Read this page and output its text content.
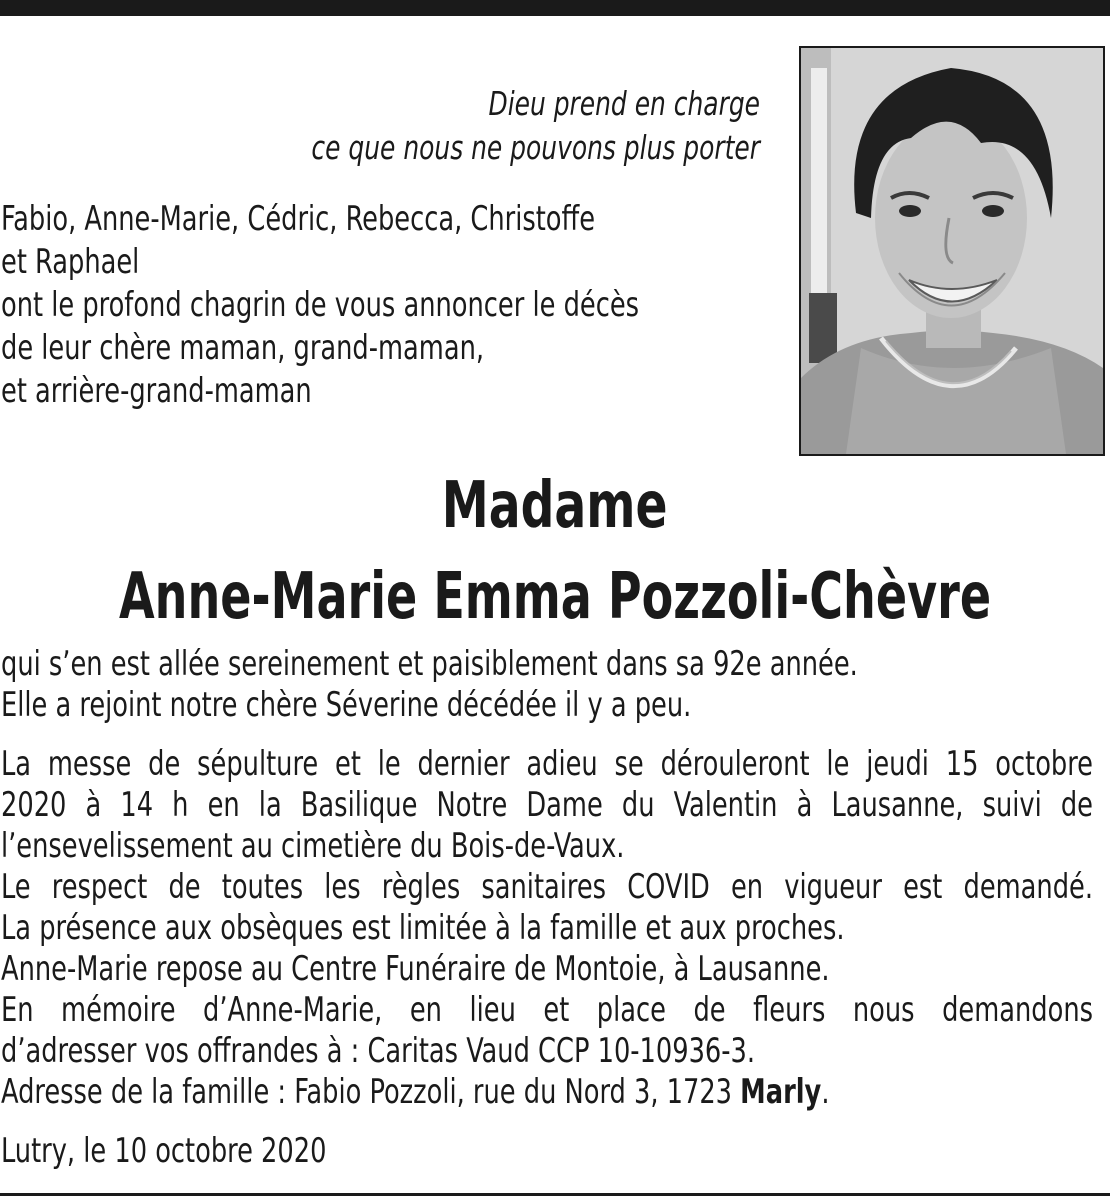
Dieu prend en charge
ce que nous ne pouvons plus porter
Fabio, Anne-Marie, Cédric, Rebecca, Christoffe
et Raphael
ont le profond chagrin de vous annoncer le décès
de leur chère maman, grand-maman,
et arrière-grand-maman
Madame
Anne-Marie Emma Pozzoli-Chèvre
qui s’en est allée sereinement et paisiblement dans sa 92e année.
Elle a rejoint notre chère Séverine décédée il y a peu.
La messe de sépulture et le dernier adieu se dérouleront le jeudi 15 octobre
2020 à 14 h en la Basilique Notre Dame du Valentin à Lausanne, suivi de
l’ensevelissement au cimetière du Bois-de-Vaux.
Le respect de toutes les règles sanitaires COVID en vigueur est demandé.
La présence aux obsèques est limitée à la famille et aux proches.
Anne-Marie repose au Centre Funéraire de Montoie, à Lausanne.
En mémoire d’Anne-Marie, en lieu et place de fleurs nous demandons
d’adresser vos offrandes à : Caritas Vaud CCP 10-10936-3.
Adresse de la famille : Fabio Pozzoli, rue du Nord 3, 1723 Marly.
Lutry, le 10 octobre 2020
